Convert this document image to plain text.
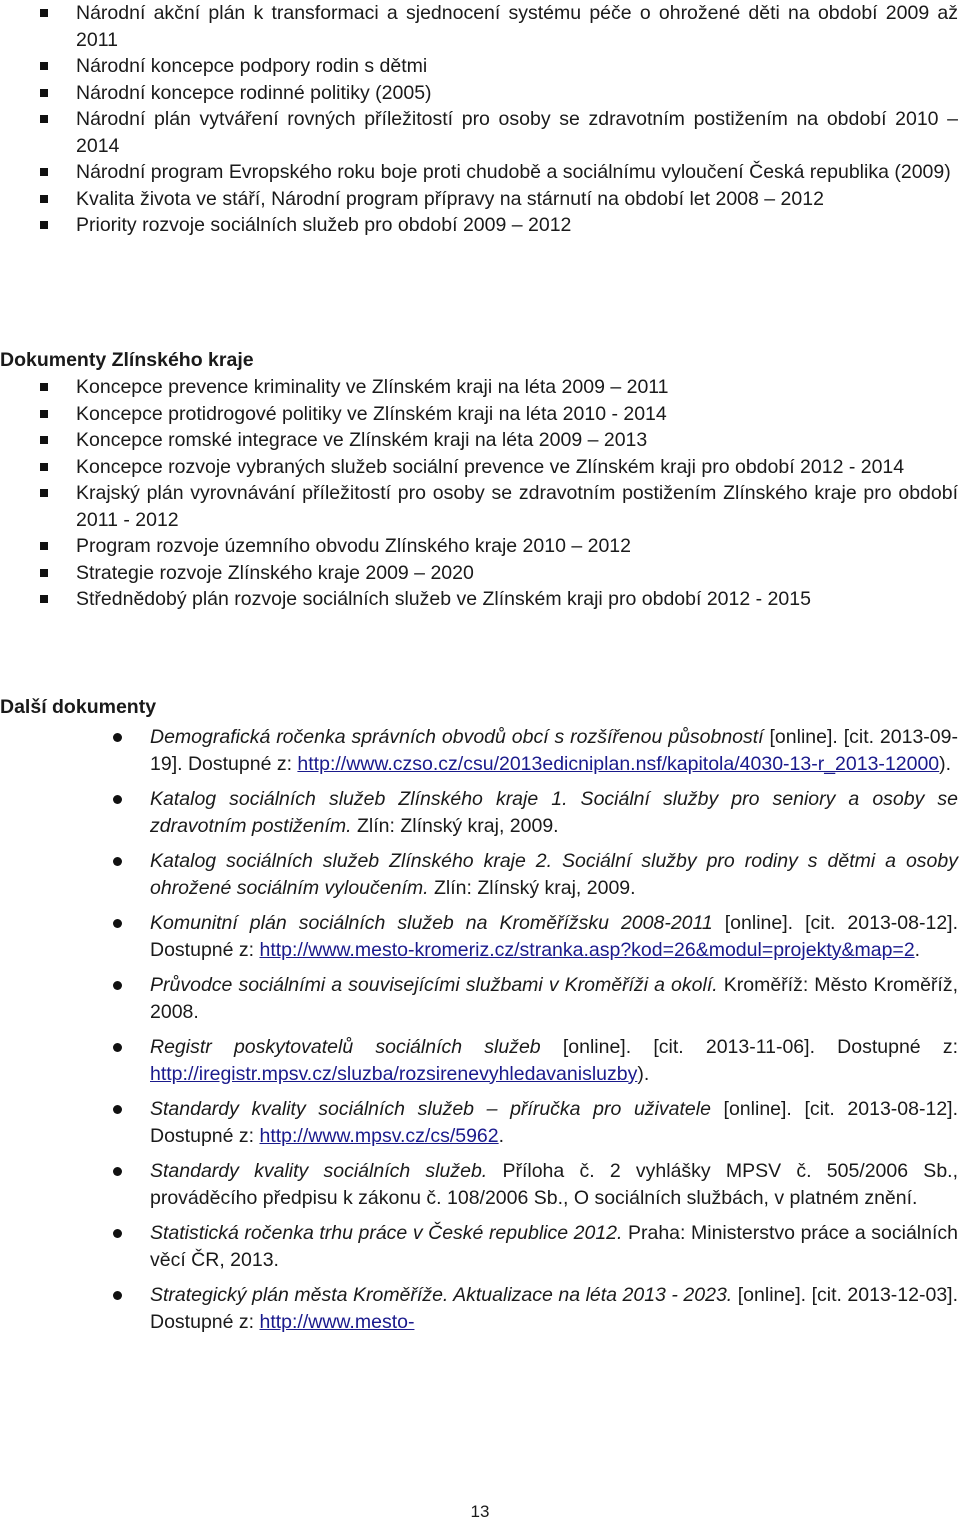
Národní akční plán k transformaci a sjednocení systému péče o ohrožené děti na období 2009 až 2011
Národní koncepce podpory rodin s dětmi
Národní koncepce rodinné politiky (2005)
Národní plán vytváření rovných příležitostí pro osoby se zdravotním postižením na období 2010 – 2014
Národní program Evropského roku boje proti chudobě a sociálnímu vyloučení Česká republika (2009)
Kvalita života ve stáří, Národní program přípravy na stárnutí na období let 2008 – 2012
Priority rozvoje sociálních služeb pro období 2009 – 2012
Dokumenty Zlínského kraje
Koncepce prevence kriminality ve Zlínském kraji na léta 2009 – 2011
Koncepce protidrogové politiky ve Zlínském kraji na léta 2010 - 2014
Koncepce romské integrace ve Zlínském kraji na léta 2009 – 2013
Koncepce rozvoje vybraných služeb sociální prevence ve Zlínském kraji pro období 2012 - 2014
Krajský plán vyrovnávání příležitostí pro osoby se zdravotním postižením Zlínského kraje pro období 2011 - 2012
Program rozvoje územního obvodu Zlínského kraje 2010 – 2012
Strategie rozvoje Zlínského kraje 2009 – 2020
Střednědobý plán rozvoje sociálních služeb ve Zlínském kraji pro období 2012 - 2015
Další dokumenty
Demografická ročenka správních obvodů obcí s rozšířenou působností [online]. [cit. 2013-09-19]. Dostupné z: http://www.czso.cz/csu/2013edicniplan.nsf/kapitola/4030-13-r_2013-12000).
Katalog sociálních služeb Zlínského kraje 1. Sociální služby pro seniory a osoby se zdravotním postižením. Zlín: Zlínský kraj, 2009.
Katalog sociálních služeb Zlínského kraje 2. Sociální služby pro rodiny s dětmi a osoby ohrožené sociálním vyloučením. Zlín: Zlínský kraj, 2009.
Komunitní plán sociálních služeb na Kroměřížsku 2008-2011 [online]. [cit. 2013-08-12]. Dostupné z: http://www.mesto-kromeriz.cz/stranka.asp?kod=26&modul=projekty&map=2.
Průvodce sociálními a souvisejícími službami v Kroměříži a okolí. Kroměříž: Město Kroměříž, 2008.
Registr poskytovatelů sociálních služeb [online]. [cit. 2013-11-06]. Dostupné z: http://iregistr.mpsv.cz/sluzba/rozsirenevyhledavanisluzby).
Standardy kvality sociálních služeb – příručka pro uživatele [online]. [cit. 2013-08-12]. Dostupné z: http://www.mpsv.cz/cs/5962.
Standardy kvality sociálních služeb. Příloha č. 2 vyhlášky MPSV č. 505/2006 Sb., prováděcího předpisu k zákonu č. 108/2006 Sb., O sociálních službách, v platném znění.
Statistická ročenka trhu práce v České republice 2012. Praha: Ministerstvo práce a sociálních věcí ČR, 2013.
Strategický plán města Kroměříže. Aktualizace na léta 2013 - 2023. [online]. [cit. 2013-12-03]. Dostupné z: http://www.mesto-
13
